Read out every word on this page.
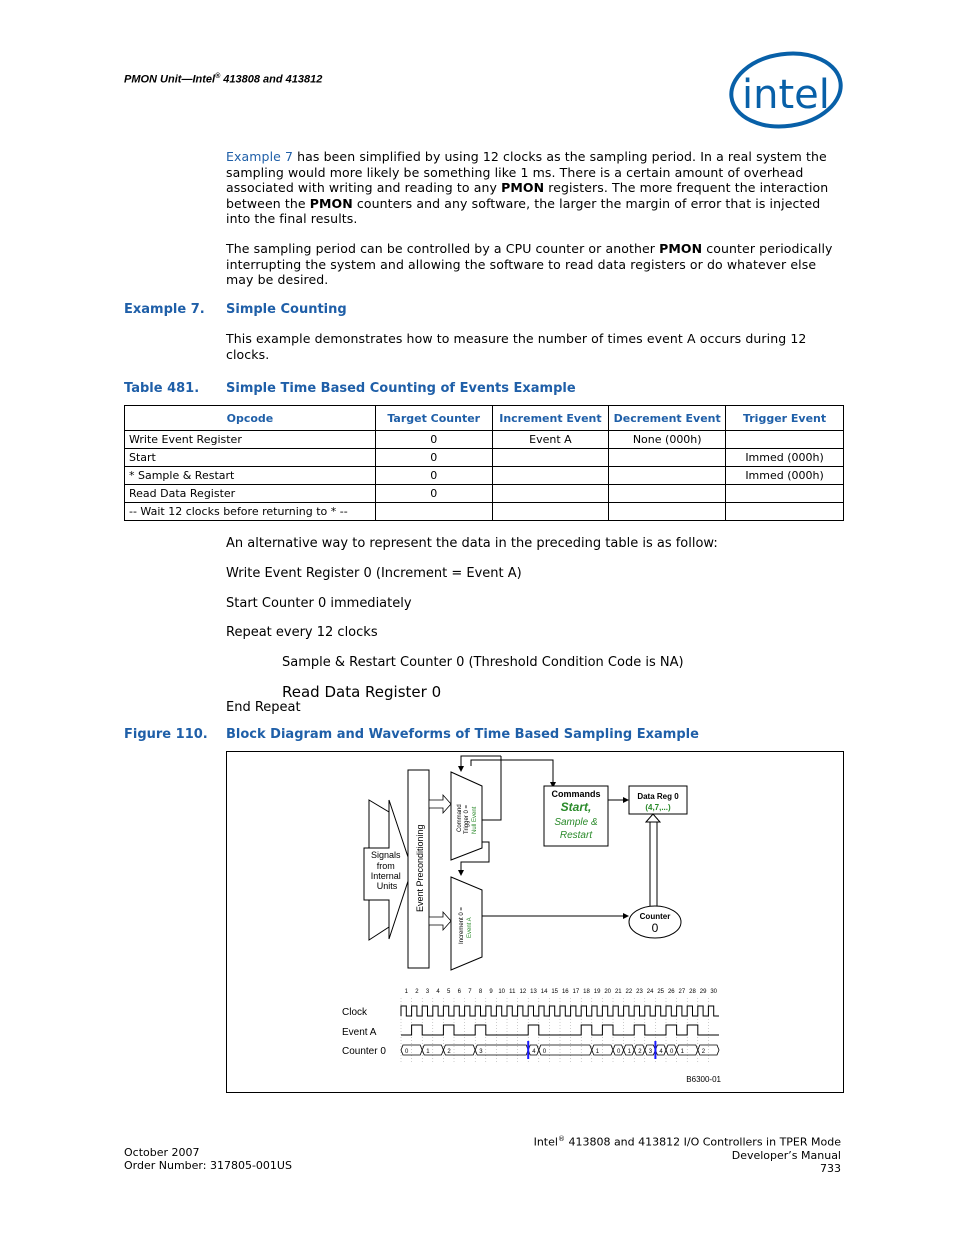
PMON Unit—Intel® 413808 and 413812	intel
Example 7 has been simplified by using 12 clocks as the sampling period. In a real system the sampling would more likely be something like 1 ms. There is a certain amount of overhead associated with writing and reading to any PMON registers. The more frequent the interaction between the PMON counters and any software, the larger the margin of error that is injected into the final results.
The sampling period can be controlled by a CPU counter or another PMON counter periodically interrupting the system and allowing the software to read data registers or do whatever else may be desired.
Example 7. Simple Counting
This example demonstrates how to measure the number of times event A occurs during 12 clocks.
Table 481. Simple Time Based Counting of Events Example
Opcode	Target Counter	Increment Event	Decrement Event	Trigger Event
Write Event Register	0	Event A	None (000h)	
Start	0			Immed (000h)
* Sample & Restart	0			Immed (000h)
Read Data Register	0			
-- Wait 12 clocks before returning to * --				
An alternative way to represent the data in the preceding table is as follow:
Write Event Register 0 (Increment = Event A)
Start Counter 0 immediately
Repeat every 12 clocks
Sample & Restart Counter 0 (Threshold Condition Code is NA)
Read Data Register 0
End Repeat
Figure 110. Block Diagram and Waveforms of Time Based Sampling Example
Signals from Internal Units	Event Preconditioning
Command Trigger 0 = Null Event
Increment 0 = Event A
Commands
Start,
Sample &
Restart
Data Reg 0
(4,7,...)
Counter
0
Clock
Event A
Counter 0
1 2 3 4 5 6 7 8 9 10 11 12 13 14 15 16 17 18 19 20 21 22 23 24 25 26 27 28 29 30
0	1	2	3	4 0	1	0 1 2 3 4 0 1	2
B6300-01
October 2007
Order Number: 317805-001US
Intel® 413808 and 413812 I/O Controllers in TPER Mode
Developer’s Manual
733
